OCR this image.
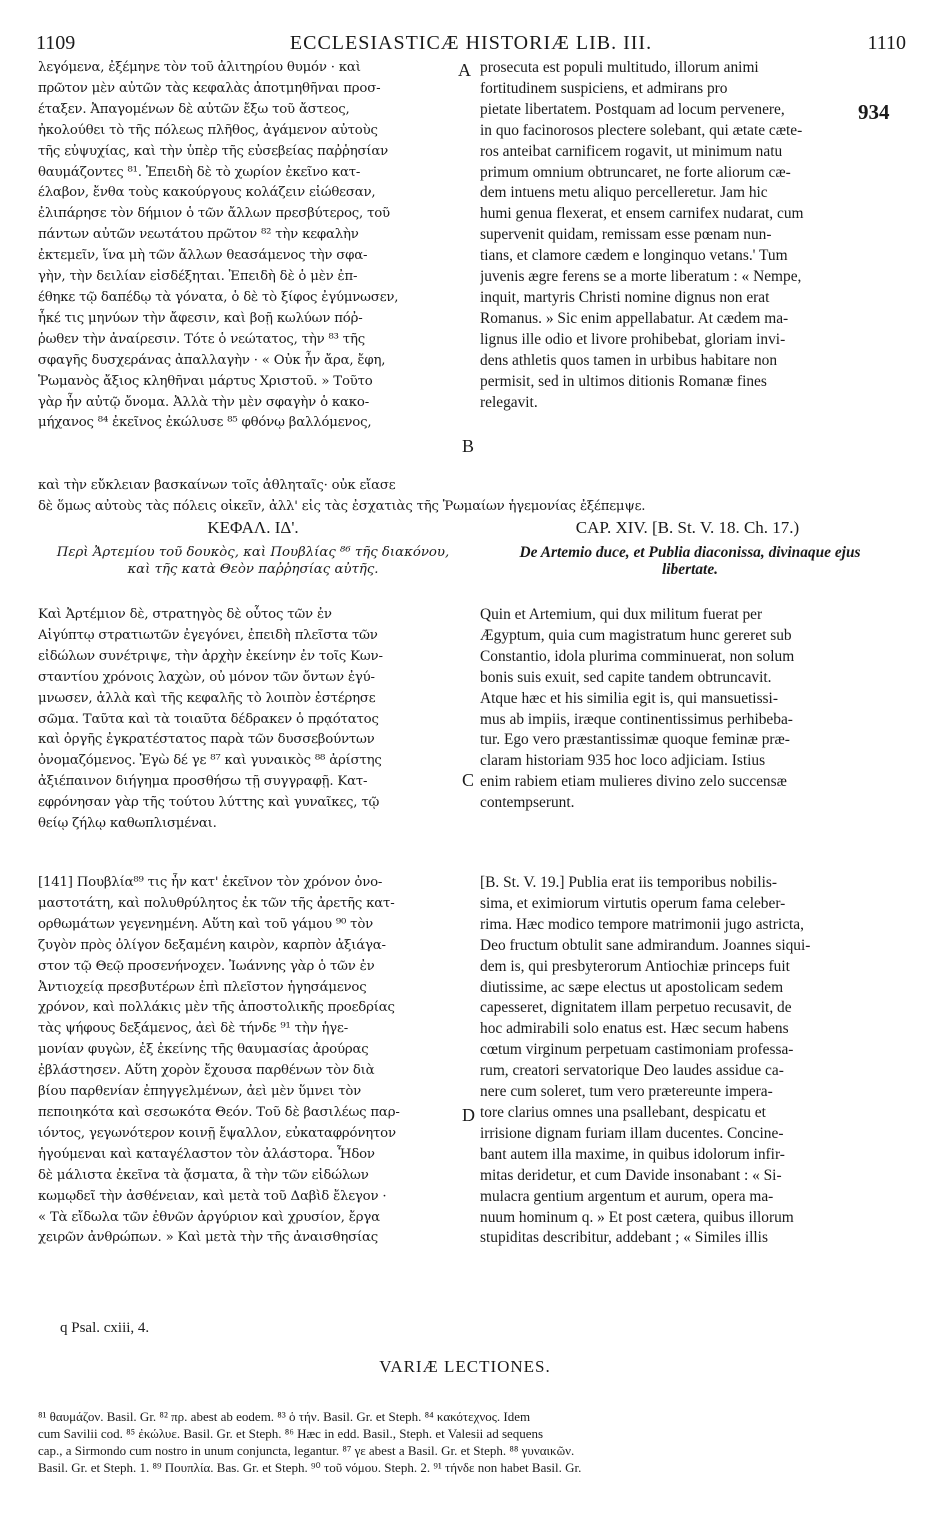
1109	ECCLESIASTICÆ HISTORIÆ LIB. III.	1110
λεγόμενα, ἐξέμηνε τὸν τοῦ ἀλιτηρίου θυμόν · καὶ
πρῶτον μὲν αὐτῶν τὰς κεφαλὰς ἀποτμηθῆναι προσ-
έταξεν. Ἀπαγομένων δὲ αὐτῶν ἔξω τοῦ ἄστεος,
ἠκολούθει τὸ τῆς πόλεως πλῆθος, ἀγάμενον αὐτοὺς
τῆς εὐψυχίας, καὶ τὴν ὑπὲρ τῆς εὐσεβείας παῤῥησίαν
θαυμάζοντες ⁸¹. Ἐπειδὴ δὲ τὸ χωρίον ἐκεῖνο κατ-
έλαβον, ἔνθα τοὺς κακούργους κολάζειν εἰώθεσαν,
ἐλιπάρησε τὸν δήμιον ὁ τῶν ἄλλων πρεσβύτερος, τοῦ
πάντων αὐτῶν νεωτάτου πρῶτον ⁸² τὴν κεφαλὴν
ἐκτεμεῖν, ἵνα μὴ τῶν ἄλλων θεασάμενος τὴν σφα-
γὴν, τὴν δειλίαν εἰσδέξηται. Ἐπειδὴ δὲ ὁ μὲν ἐπ-
έθηκε τῷ δαπέδῳ τὰ γόνατα, ὁ δὲ τὸ ξίφος ἐγύμνωσεν,
ἧκέ τις μηνύων τὴν ἄφεσιν, καὶ βοῇ κωλύων πόῤ-
ῥωθεν τὴν ἀναίρεσιν. Τότε ὁ νεώτατος, τὴν ⁸³ τῆς
σφαγῆς δυσχεράνας ἀπαλλαγὴν · « Οὐκ ἦν ἄρα, ἔφη,
Ῥωμανὸς ἄξιος κληθῆναι μάρτυς Χριστοῦ. » Τοῦτο
γὰρ ἦν αὐτῷ ὄνομα. Ἀλλὰ τὴν μὲν σφαγὴν ὁ κακο-
μήχανος ⁸⁴ ἐκεῖνος ἐκώλυσε ⁸⁵ φθόνῳ βαλλόμενος,
prosecuta est populi multitudo, illorum animi
fortitudinem suspiciens, et admirans pro
pietate libertatem. Postquam ad locum pervenere,
in quo facinorosos plectere solebant, qui ætate cæte-
ros anteibat carnificem rogavit, ut minimum natu
primum omnium obtruncaret, ne forte aliorum cæ-
dem intuens metu aliquo percelleretur. Jam hic
humi genua flexerat, et ensem carnifex nudarat, cum
supervenit quidam, remissam esse pœnam nun-
tians, et clamore cædem e longinquo vetans.' Tum
juvenis ægre ferens se a morte liberatum : « Nempe,
inquit, martyris Christi nomine dignus non erat
Romanus. » Sic enim appellabatur. At cædem ma-
lignus ille odio et livore prohibebat, gloriam invi-
dens athletis quos tamen in urbibus habitare non
permisit, sed in ultimos ditionis Romanæ fines
relegavit.
934
καὶ τὴν εὔκλειαν βασκαίνων τοῖς ἀθληταῖς· οὐκ εἴασε
δὲ ὅμως αὐτοὺς τὰς πόλεις οἰκεῖν, ἀλλ' εἰς τὰς ἐσχατιὰς τῆς Ῥωμαίων ἡγεμονίας ἐξέπεμψε.
A
B
C
D
ΚΕΦΑΛ. ΙΔ'.	CAP. XIV. [B. St. V. 18. Ch. 17.)
Περὶ Ἀρτεμίου τοῦ δουκὸς, καὶ Πουβλίας ⁸⁶ τῆς διακόνου, καὶ τῆς κατὰ Θεὸν παῤῥησίας αὐτῆς.
De Artemio duce, et Publia diaconissa, divinaque ejus libertate.
Καὶ Ἀρτέμιον δὲ, στρατηγὸς δὲ οὗτος τῶν ἐν
Αἰγύπτῳ στρατιωτῶν ἐγεγόνει, ἐπειδὴ πλεῖστα τῶν
εἰδώλων συνέτριψε, τὴν ἀρχὴν ἐκείνην ἐν τοῖς Κων-
σταντίου χρόνοις λαχὼν, οὐ μόνον τῶν ὄντων ἐγύ-
μνωσεν, ἀλλὰ καὶ τῆς κεφαλῆς τὸ λοιπὸν ἐστέρησε
σῶμα. Ταῦτα καὶ τὰ τοιαῦτα δέδρακεν ὁ πρᾳότατος
καὶ ὀργῆς ἐγκρατέστατος παρὰ τῶν δυσσεβούντων
ὀνομαζόμενος. Ἐγὼ δέ γε ⁸⁷ καὶ γυναικὸς ⁸⁸ ἀρίστης
ἀξιέπαινον διήγημα προσθήσω τῇ συγγραφῇ. Κατ-
εφρόνησαν γὰρ τῆς τούτου λύττης καὶ γυναῖκες, τῷ
θείῳ ζήλῳ καθωπλισμέναι.
Quin et Artemium, qui dux militum fuerat per
Ægyptum, quia cum magistratum hunc gereret sub
Constantio, idola plurima comminuerat, non solum
bonis suis exuit, sed capite tandem obtruncavit.
Atque hæc et his similia egit is, qui mansuetissi-
mus ab impiis, iræque continentissimus perhibeba-
tur. Ego vero præstantissimæ quoque feminæ præ-
claram historiam 935 hoc loco adjiciam. Istius
enim rabiem etiam mulieres divino zelo succensæ
contempserunt.
[141] Πουβλία⁸⁹ τις ἦν κατ' ἐκεῖνον τὸν χρόνον ὀνο-
μαστοτάτη, καὶ πολυθρύλητος ἐκ τῶν τῆς ἀρετῆς κατ-
ορθωμάτων γεγενημένη. Αὕτη καὶ τοῦ γάμου ⁹⁰ τὸν
ζυγὸν πρὸς ὀλίγον δεξαμένη καιρὸν, καρπὸν ἀξιάγα-
στον τῷ Θεῷ προσενήνοχεν. Ἰωάννης γὰρ ὁ τῶν ἐν
Ἀντιοχείᾳ πρεσβυτέρων ἐπὶ πλεῖστον ἡγησάμενος
χρόνον, καὶ πολλάκις μὲν τῆς ἀποστολικῆς προεδρίας
τὰς ψήφους δεξάμενος, ἀεὶ δὲ τήνδε ⁹¹ τὴν ἡγε-
μονίαν φυγὼν, ἐξ ἐκείνης τῆς θαυμασίας ἀρούρας
ἐβλάστησεν. Αὕτη χορὸν ἔχουσα παρθένων τὸν διὰ
βίου παρθενίαν ἐπηγγελμένων, ἀεὶ μὲν ὕμνει τὸν
πεποιηκότα καὶ σεσωκότα Θεόν. Τοῦ δὲ βασιλέως παρ-
ιόντος, γεγωνότερον κοινῇ ἔψαλλον, εὐκαταφρόνητον
ἡγούμεναι καὶ καταγέλαστον τὸν ἀλάστορα. Ἦδον
δὲ μάλιστα ἐκεῖνα τὰ ᾄσματα, ἃ τὴν τῶν εἰδώλων
κωμῳδεῖ τὴν ἀσθένειαν, καὶ μετὰ τοῦ Δαβὶδ ἔλεγον ·
« Τὰ εἴδωλα τῶν ἐθνῶν ἀργύριον καὶ χρυσίον, ἔργα
χειρῶν ἀνθρώπων. » Καὶ μετὰ τὴν τῆς ἀναισθησίας
[B. St. V. 19.] Publia erat iis temporibus nobilis-
sima, et eximiorum virtutis operum fama celeber-
rima. Hæc modico tempore matrimonii jugo astricta,
Deo fructum obtulit sane admirandum. Joannes siqui-
dem is, qui presbyterorum Antiochiæ princeps fuit
diutissime, ac sæpe electus ut apostolicam sedem
capesseret, dignitatem illam perpetuo recusavit, de
hoc admirabili solo enatus est. Hæc secum habens
cœtum virginum perpetuam castimoniam professa-
rum, creatori servatorique Deo laudes assidue ca-
nere cum soleret, tum vero prætereunte impera-
tore clarius omnes una psallebant, despicatu et
irrisione dignam furiam illam ducentes. Concine-
bant autem illa maxime, in quibus idolorum infir-
mitas deridetur, et cum Davide insonabant : « Si-
mulacra gentium argentum et aurum, opera ma-
nuum hominum q. » Et post cætera, quibus illorum
stupiditas describitur, addebant ; « Similes illis
q Psal. cxiii, 4.
VARIÆ LECTIONES.
⁸¹ θαυμάζον. Basil. Gr. ⁸² πρ. abest ab eodem. ⁸³ ὁ τήν. Basil. Gr. et Steph. ⁸⁴ κακότεχνος. Idem
cum Savilii cod. ⁸⁵ ἐκώλυε. Basil. Gr. et Steph. ⁸⁶ Hæc in edd. Basil., Steph. et Valesii ad sequens
cap., a Sirmondo cum nostro in unum conjuncta, legantur. ⁸⁷ γε abest a Basil. Gr. et Steph. ⁸⁸ γυναικῶν.
Basil. Gr. et Steph. 1. ⁸⁹ Πουπλία. Bas. Gr. et Steph. ⁹⁰ τοῦ νόμου. Steph. 2. ⁹¹ τήνδε non habet Basil. Gr.
